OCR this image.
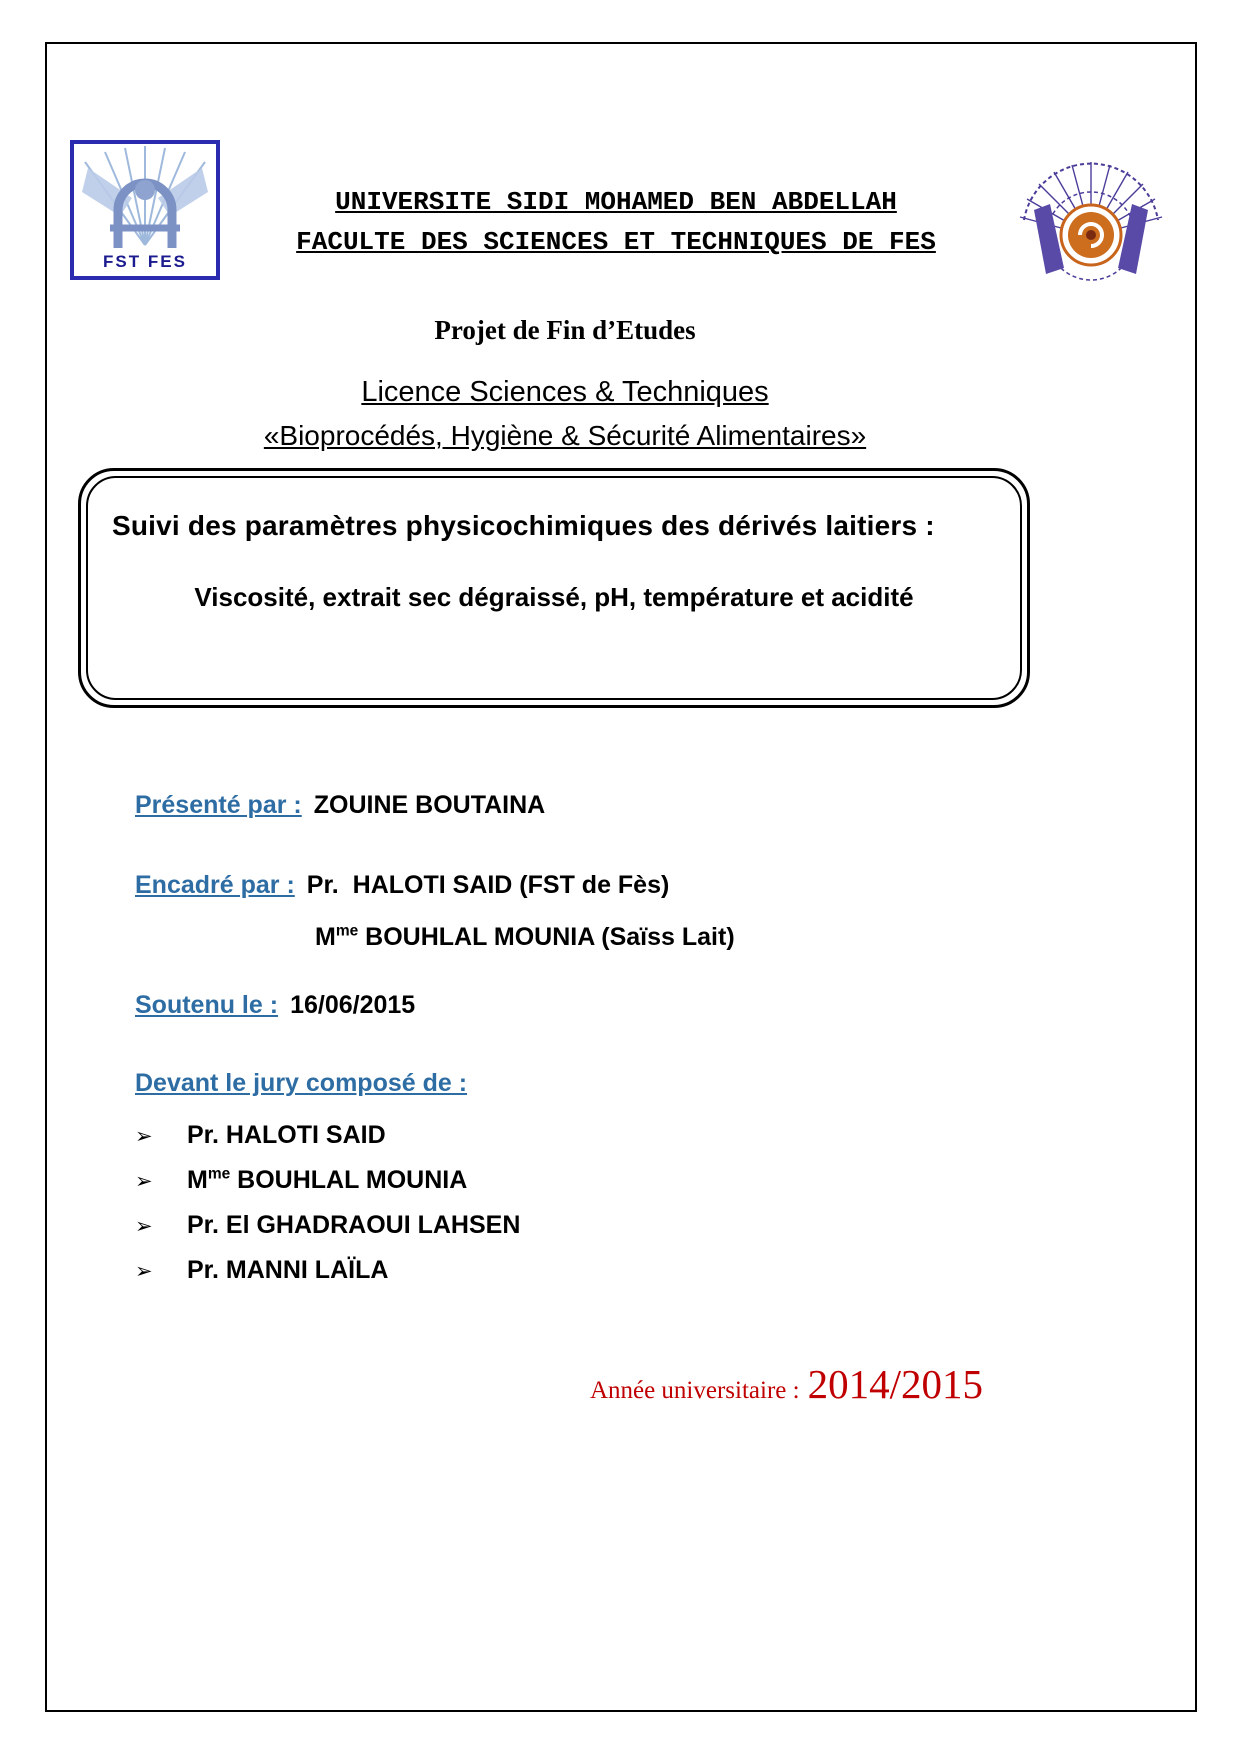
FST FES
UNIVERSITE SIDI MOHAMED BEN ABDELLAH
FACULTE DES SCIENCES ET TECHNIQUES DE FES
Projet de Fin d’Etudes
Licence Sciences & Techniques
«Bioprocédés, Hygiène & Sécurité Alimentaires»
Suivi des paramètres physicochimiques des dérivés laitiers :
Viscosité, extrait sec dégraissé, pH, température et acidité
Présenté par : ZOUINE BOUTAINA
Encadré par : Pr.  HALOTI SAID (FST de Fès)
$M^{me}$ BOUHLAL MOUNIA (Saïss Lait)
Soutenu le : 16/06/2015
Devant le jury composé de :
➢	Pr. HALOTI SAID
➢	$M^{me}$ BOUHLAL MOUNIA
➢	Pr. El GHADRAOUI LAHSEN
➢	Pr. MANNI LAÏLA
Année universitaire : 2014/2015
